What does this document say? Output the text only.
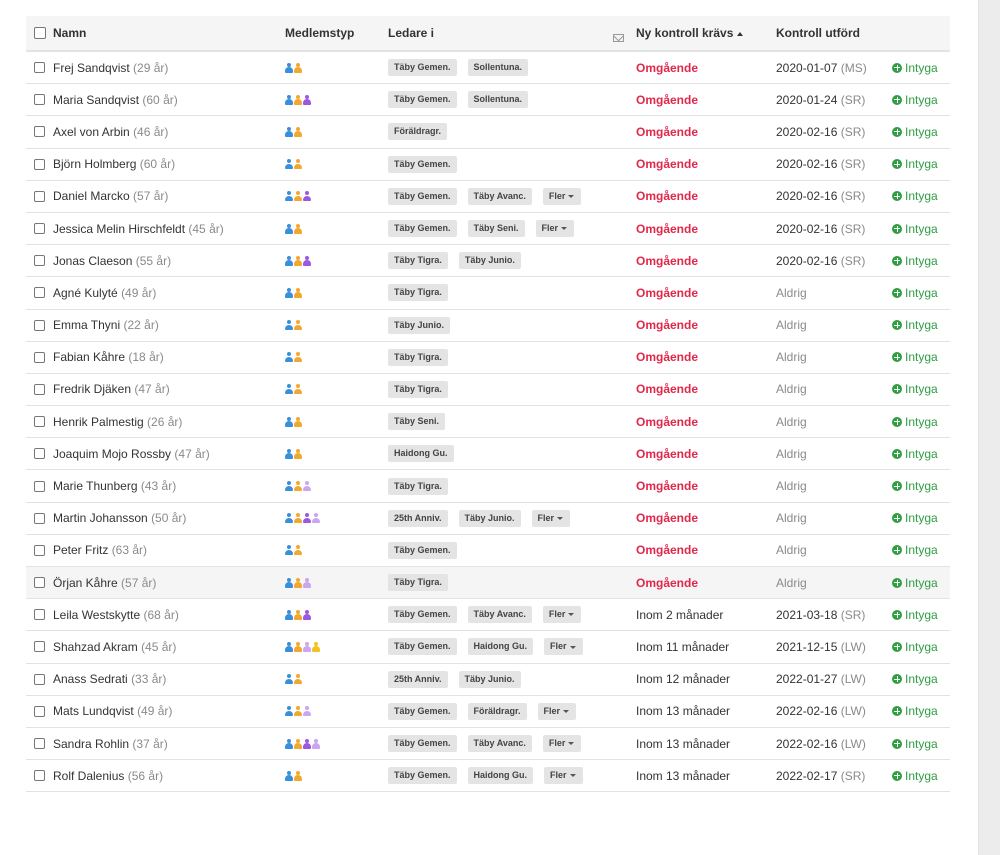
Namn	Medlemstyp	Ledare i	Ny kontroll krävs	Kontroll utförd
Frej Sandqvist (29 år)	Täby Gemen.	Sollentuna.	Omgående	2020-01-07 (MS)	Intyga
Maria Sandqvist (60 år)	Täby Gemen.	Sollentuna.	Omgående	2020-01-24 (SR)	Intyga
Axel von Arbin (46 år)	Föräldragr.	Omgående	2020-02-16 (SR)	Intyga
Björn Holmberg (60 år)	Täby Gemen.	Omgående	2020-02-16 (SR)	Intyga
Daniel Marcko (57 år)	Täby Gemen.	Täby Avanc.	Fler	Omgående	2020-02-16 (SR)	Intyga
Jessica Melin Hirschfeldt (45 år)	Täby Gemen.	Täby Seni.	Fler	Omgående	2020-02-16 (SR)	Intyga
Jonas Claeson (55 år)	Täby Tigra.	Täby Junio.	Omgående	2020-02-16 (SR)	Intyga
Agné Kulyté (49 år)	Täby Tigra.	Omgående	Aldrig	Intyga
Emma Thyni (22 år)	Täby Junio.	Omgående	Aldrig	Intyga
Fabian Kåhre (18 år)	Täby Tigra.	Omgående	Aldrig	Intyga
Fredrik Djäken (47 år)	Täby Tigra.	Omgående	Aldrig	Intyga
Henrik Palmestig (26 år)	Täby Seni.	Omgående	Aldrig	Intyga
Joaquim Mojo Rossby (47 år)	Haidong Gu.	Omgående	Aldrig	Intyga
Marie Thunberg (43 år)	Täby Tigra.	Omgående	Aldrig	Intyga
Martin Johansson (50 år)	25th Anniv.	Täby Junio.	Fler	Omgående	Aldrig	Intyga
Peter Fritz (63 år)	Täby Gemen.	Omgående	Aldrig	Intyga
Örjan Kåhre (57 år)	Täby Tigra.	Omgående	Aldrig	Intyga
Leila Westskytte (68 år)	Täby Gemen.	Täby Avanc.	Fler	Inom 2 månader	2021-03-18 (SR)	Intyga
Shahzad Akram (45 år)	Täby Gemen.	Haidong Gu.	Fler	Inom 11 månader	2021-12-15 (LW)	Intyga
Anass Sedrati (33 år)	25th Anniv.	Täby Junio.	Inom 12 månader	2022-01-27 (LW)	Intyga
Mats Lundqvist (49 år)	Täby Gemen.	Föräldragr.	Fler	Inom 13 månader	2022-02-16 (LW)	Intyga
Sandra Rohlin (37 år)	Täby Gemen.	Täby Avanc.	Fler	Inom 13 månader	2022-02-16 (LW)	Intyga
Rolf Dalenius (56 år)	Täby Gemen.	Haidong Gu.	Fler	Inom 13 månader	2022-02-17 (SR)	Intyga
